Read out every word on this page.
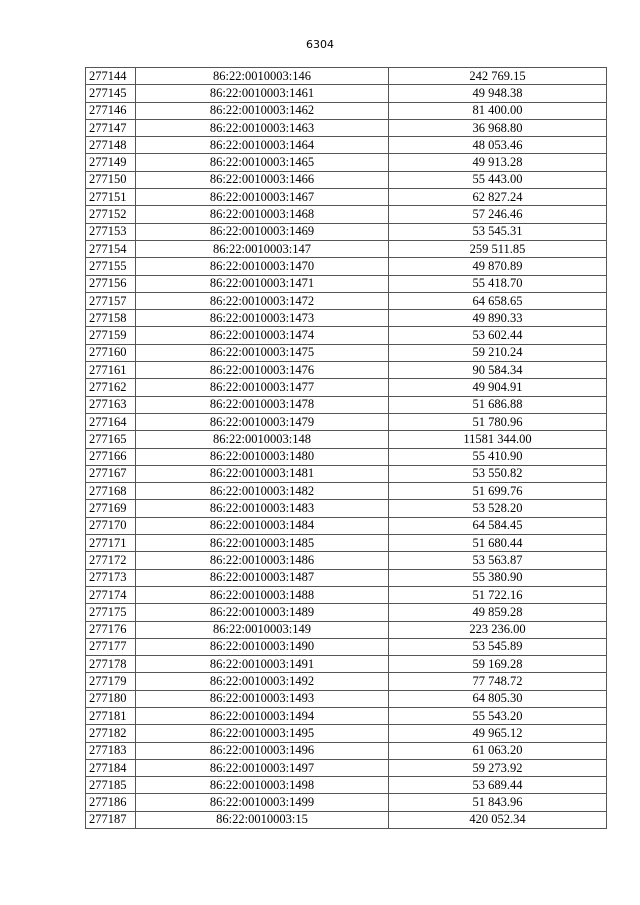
6304
277144	86:22:0010003:146	242 769.15
277145	86:22:0010003:1461	49 948.38
277146	86:22:0010003:1462	81 400.00
277147	86:22:0010003:1463	36 968.80
277148	86:22:0010003:1464	48 053.46
277149	86:22:0010003:1465	49 913.28
277150	86:22:0010003:1466	55 443.00
277151	86:22:0010003:1467	62 827.24
277152	86:22:0010003:1468	57 246.46
277153	86:22:0010003:1469	53 545.31
277154	86:22:0010003:147	259 511.85
277155	86:22:0010003:1470	49 870.89
277156	86:22:0010003:1471	55 418.70
277157	86:22:0010003:1472	64 658.65
277158	86:22:0010003:1473	49 890.33
277159	86:22:0010003:1474	53 602.44
277160	86:22:0010003:1475	59 210.24
277161	86:22:0010003:1476	90 584.34
277162	86:22:0010003:1477	49 904.91
277163	86:22:0010003:1478	51 686.88
277164	86:22:0010003:1479	51 780.96
277165	86:22:0010003:148	11581 344.00
277166	86:22:0010003:1480	55 410.90
277167	86:22:0010003:1481	53 550.82
277168	86:22:0010003:1482	51 699.76
277169	86:22:0010003:1483	53 528.20
277170	86:22:0010003:1484	64 584.45
277171	86:22:0010003:1485	51 680.44
277172	86:22:0010003:1486	53 563.87
277173	86:22:0010003:1487	55 380.90
277174	86:22:0010003:1488	51 722.16
277175	86:22:0010003:1489	49 859.28
277176	86:22:0010003:149	223 236.00
277177	86:22:0010003:1490	53 545.89
277178	86:22:0010003:1491	59 169.28
277179	86:22:0010003:1492	77 748.72
277180	86:22:0010003:1493	64 805.30
277181	86:22:0010003:1494	55 543.20
277182	86:22:0010003:1495	49 965.12
277183	86:22:0010003:1496	61 063.20
277184	86:22:0010003:1497	59 273.92
277185	86:22:0010003:1498	53 689.44
277186	86:22:0010003:1499	51 843.96
277187	86:22:0010003:15	420 052.34
